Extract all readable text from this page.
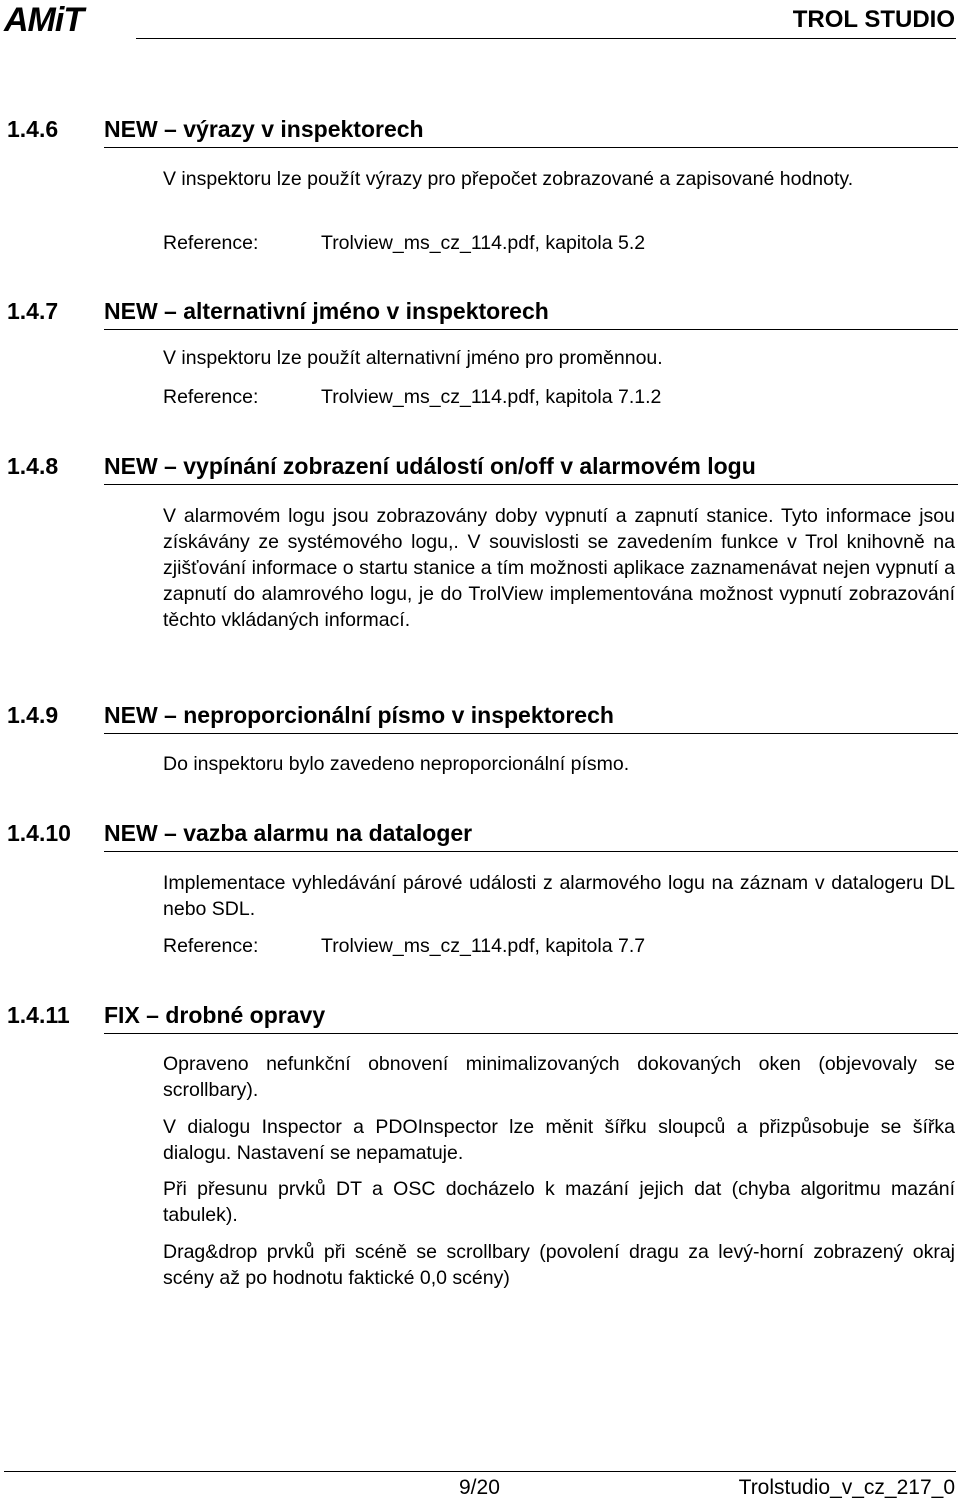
AMiT	TROL STUDIO
1.4.6 NEW – výrazy v inspektorech
V inspektoru lze použít výrazy pro přepočet zobrazované a zapisované hodnoty.
Reference:	Trolview_ms_cz_114.pdf, kapitola 5.2
1.4.7 NEW – alternativní jméno v inspektorech
V inspektoru lze použít alternativní jméno pro proměnnou.
Reference:	Trolview_ms_cz_114.pdf, kapitola 7.1.2
1.4.8 NEW – vypínání zobrazení událostí on/off v alarmovém logu
V alarmovém logu jsou zobrazovány doby vypnutí a zapnutí stanice. Tyto informace jsou získávány ze systémového logu,. V souvislosti se zavedením funkce v Trol knihovně na zjišťování informace o startu stanice a tím možnosti aplikace zaznamenávat nejen vypnutí a zapnutí do alamrového logu, je do TrolView implementována možnost vypnutí zobrazování těchto vkládaných informací.
1.4.9 NEW – neproporcionální písmo v inspektorech
Do inspektoru bylo zavedeno neproporcionální písmo.
1.4.10 NEW – vazba alarmu na dataloger
Implementace vyhledávání párové události z alarmového logu na záznam v datalogeru DL nebo SDL.
Reference:	Trolview_ms_cz_114.pdf, kapitola 7.7
1.4.11 FIX – drobné opravy
Opraveno nefunkční obnovení minimalizovaných dokovaných oken (objevovaly se scrollbary).
V dialogu Inspector a PDOInspector lze měnit šířku sloupců a přizpůsobuje se šířka dialogu. Nastavení se nepamatuje.
Při přesunu prvků DT a OSC docházelo k mazání jejich dat (chyba algoritmu mazání tabulek).
Drag&drop prvků při scéně se scrollbary (povolení dragu za levý-horní zobrazený okraj scény až po hodnotu faktické 0,0 scény)
9/20	Trolstudio_v_cz_217_0
